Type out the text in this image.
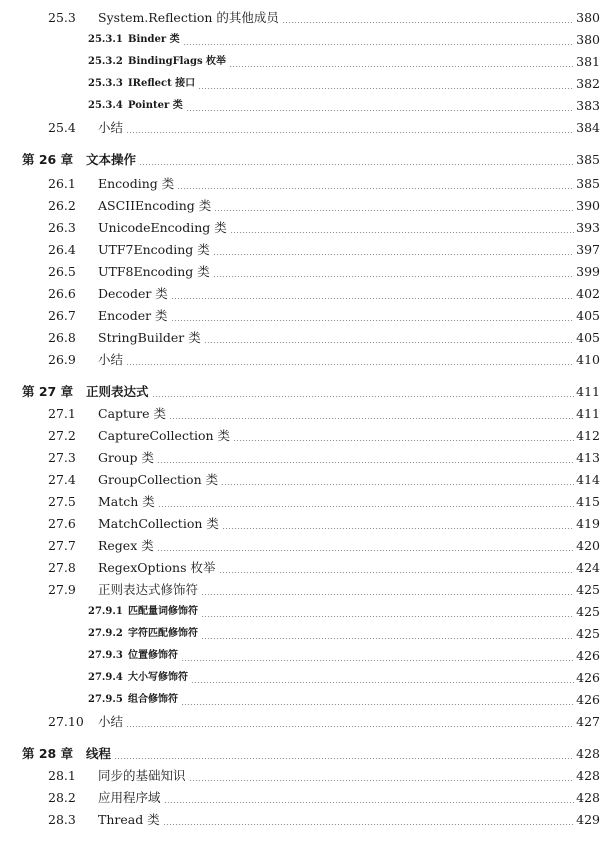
25.3	System.Reflection 的其他成员	380
25.3.1 Binder 类	380
25.3.2 BindingFlags 枚举	381
25.3.3 IReflect 接口	382
25.3.4 Pointer 类	383
25.4	小结	384
第 26 章	文本操作	385
26.1	Encoding 类	385
26.2	ASCIIEncoding 类	390
26.3	UnicodeEncoding 类	393
26.4	UTF7Encoding 类	397
26.5	UTF8Encoding 类	399
26.6	Decoder 类	402
26.7	Encoder 类	405
26.8	StringBuilder 类	405
26.9	小结	410
第 27 章	正则表达式	411
27.1	Capture 类	411
27.2	CaptureCollection 类	412
27.3	Group 类	413
27.4	GroupCollection 类	414
27.5	Match 类	415
27.6	MatchCollection 类	419
27.7	Regex 类	420
27.8	RegexOptions 枚举	424
27.9	正则表达式修饰符	425
27.9.1 匹配量词修饰符	425
27.9.2 字符匹配修饰符	425
27.9.3 位置修饰符	426
27.9.4 大小写修饰符	426
27.9.5 组合修饰符	426
27.10	小结	427
第 28 章	线程	428
28.1	同步的基础知识	428
28.2	应用程序域	428
28.3	Thread 类	429
